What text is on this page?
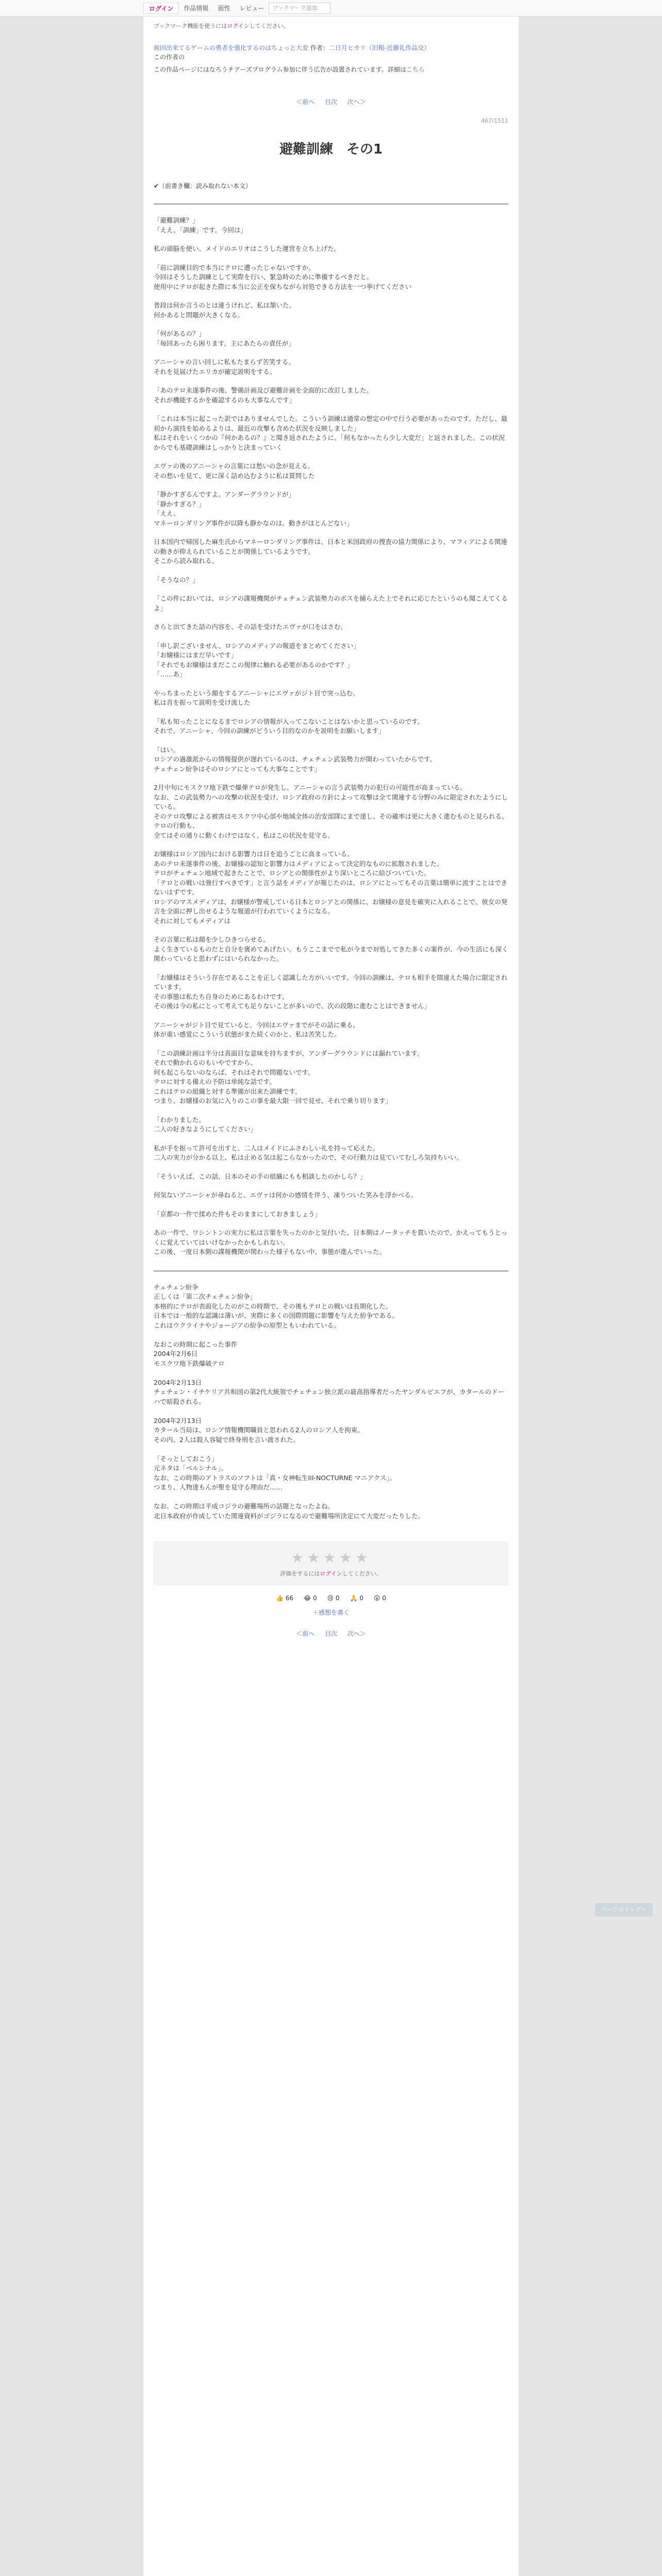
ログイン	作品情報	面性	レビュー	ブックマーク追加
ブックマーク機能を使うにはログインしてください。
前回出来てるゲームの勇者を強化するのはちょっと大変 作者：二日月ヒカリ（旧粗-近藤礼作品交）
この作者の
この作品ページにはなろうチアーズプログラム参加に伴う広告が設置されています。詳細はこちら
＜前へ 目次 次へ＞
467/1511
避難訓練　その1
✔（前書き欄：読み取れない本文）

「避難訓練？」

「ええ。「訓練」です。今回は」

私の頭脳を使い、メイドのエリオはこうした運営を立ち上げた。

「前に訓練目的で本当にテロに遭ったじゃないですか。

今回はそうした訓練として実際を行い、緊急時のために準備するべきだと。

使用中にテロが起きた際に本当に公正を保ちながら対処できる方法を一つ挙げてください

普段は何か言うのとは違うけれど、私は頷いた。

何かあると問題が大きくなる。

「何があるの？」

「毎回あったら困ります。主にあたらの責任が」

アニーシャの言い回しに私もたまらず苦笑する。

それを見届けたエリカが確定説明をする。

「あのテロ未遂事件の後、警備計画及び避難計画を全面的に改訂しました。

それが機能するかを確認するのも大事なんです」

「これは本当に起こった訳ではありませんでした。こういう訓練は通常の想定の中で行う必要があったのです。ただし、最初から演技を始めるよりは、最近の攻撃も含めた状況を反映しました」

私はそれをいくつかの『何かあるの？』と聞き返されたように、「何もなかったら少し大変だ」と返されました。この状況からでも基礎訓練はしっかりと決まっていく

エヴァの後のアニーシャの言葉には愁いの念が見える。

その愁いを見て、更に深く詰め込むように私は質問した

「静かすぎるんですよ。アンダーグラウンドが」

「静かすぎる？」

「ええ。

マネーロンダリング事件が以降も静かなのは、動きがほとんどない」

日本国内で帰国した麻生氏からマネーロンダリング事件は、日本と米国政府の捜査の協力関係により、マフィアによる関連の動きが抑えられていることが関係しているようです。

そこから読み取れる。

「そうなの？」

「この件においては、ロシアの諜報機関がチェチェン武装勢力のボスを捕らえた上でそれに応じたというのも聞こえてくるよ」

さらと出てきた話の内容を、その話を受けたエヴァが口をはさむ。

「申し訳ございません、ロシアのメディアの報道をまとめてください」

「お嬢様にはまだ早いです」

「それでもお嬢様はまだここの規律に触れる必要があるのかです？」

「……あ」

やっちまったという顔をするアニーシャにエヴァがジト目で突っ込む。

私は首を振って説明を受け流した

「私も知ったことになるまでロシアの情報が入ってこないことはないかと思っているのです。

それで、アニーシャ、今回の訓練がどういう目的なのかを説明をお願いします」

「はい。

ロシアの過激派からの情報提供が遅れているのは、チェチェン武装勢力が関わっていたからです。

チェチェン紛争はそのロシアにとっても大事なことです」

2月中旬にモスクワ地下鉄で爆弾テロが発生し、アニーシャの言う武装勢力の犯行の可能性が高まっている。

なお、この武装勢力への攻撃の状況を受け、ロシア政府の方針によって攻撃は全て関連する分野のみに限定されたようにしている。

そのテロ攻撃による被害はモスクワ中心部や地域全体の治安部隊にまで達し、その確率は更に大きく進むものと見られる。

テロの行動も、

全てはその通りに動くわけではなく、私はこの状況を見守る。

お嬢様はロシア国内における影響力は日を追うごとに高まっている。

あのテロ未遂事件の後、お嬢様の認知と影響力はメディアによって決定的なものに拡散されました。

テロがチェチェン地域で起きたことで、ロシアとの関係性がより深いところに結びついていた。

「テロとの戦いは強行すべきです」と言う話をメディアが報じたのは、ロシアにとってもその言葉は簡単に流すことはできないはずです。

ロシアのマスメディアは、お嬢様が警戒している日本とロシアとの関係に、お嬢様の意見を確実に入れることで、彼女の発言を全面に押し出せるような報道が行われていくようになる。

それに対してもメディアは

その言葉に私は顔を少しひきつらせる。

よく生きているものだと自分を褒めてあげたい。もうここまでで私が今まで対処してきた多くの案件が、今の生活にも深く関わっていると思わずにはいられなかった。

「お嬢様はそういう存在であることを正しく認識した方がいいです。今回の訓練は、テロも相手を間違えた場合に限定されています。

その事態は私たち自身のためにあるわけです。

その後は今の私にとって考えても足りないことが多いので、次の段階に進むことはできません」

アニーシャがジト目で見ていると、今回はエヴァまでがその話に乗る。

体が重い感覚にこういう状態がまた続くのかと、私は苦笑した。

「この訓練計画は半分は真面目な意味を持ちますが、アンダーグラウンドには漏れています。

それで動かれるのもいやですから、

何も起こらないのならば、それはそれで問題ないです。

テロに対する備えの予防は単純な話です。

これはテロの組織と対する準備が出来た訓練です。

つまり、お嬢様のお気に入りのこの事を最大限一回で見せ、それで乗り切ります」

「わかりました。

二人の好きなようにしてください」

私が手を振って許可を出すと、二人はメイドにふさわしい礼を持って応えた。

二人の実力が分かる以上、私は止める気は起こらなかったので、その行動力は見ていてむしろ気持ちいい。

「そういえば、この話、日本のその手の組織にもも相談したのかしら？」

何気ないアニーシャが尋ねると、エヴァは何かの感情を伴う、凍りついた笑みを浮かべる。

「京都の一件で揉めた件もそのままにしておきましょう」

あの一件で、ワシントンの実力に私は言葉を失ったのかと気付いた、日本側はノータッチを貫いたので、かえってもうとっくに覚えていてはいけなかったかもしれない。

この後、一度日本側の諜報機関が関わった様子もない中、事態が進んでいった。

チェチェン紛争

正しくは「第二次チェチェン紛争」

本格的にテロが表面化したのがこの時期で、その後もテロとの戦いは長期化した。

日本では一般的な認識は薄いが、実際に多くの国際問題に影響を与えた紛争である。

これはウクライナやジョージアの紛争の原型ともいわれている。

なおこの時期に起こった事件

2004年2月6日

モスクワ地下鉄爆破テロ

2004年2月13日

チェチェン・イチケリア共和国の第2代大統領でチェチェン独立派の最高指導者だったヤンダルビエフが、カタールのドーハで暗殺される。

2004年2月13日

カタール当局は、ロシア情報機関職員と思われる2人のロシア人を拘束。

その内、2人は殺人容疑で終身刑を言い渡された。

「そっとしておこう」

元ネタは「ベルシナル」。

なお、この時期のアトラスのソフトは「真・女神転生III-NOCTURNE マニアクス」。

つまり、人物達もんが聖を見守る理由だ……

なお、この時期は平成コジラの避難場所の話題となったよね。

北日本政府が作成していた関連資料がゴジラになるので避難場所決定にて大変だったりした。

★★★★★
評価をするにはログインしてください。
👍 66 😂 0 😢 0 🙏 0 😮 0
＋感想を書く
＜前へ 目次 次へ＞
ページのトップへ
